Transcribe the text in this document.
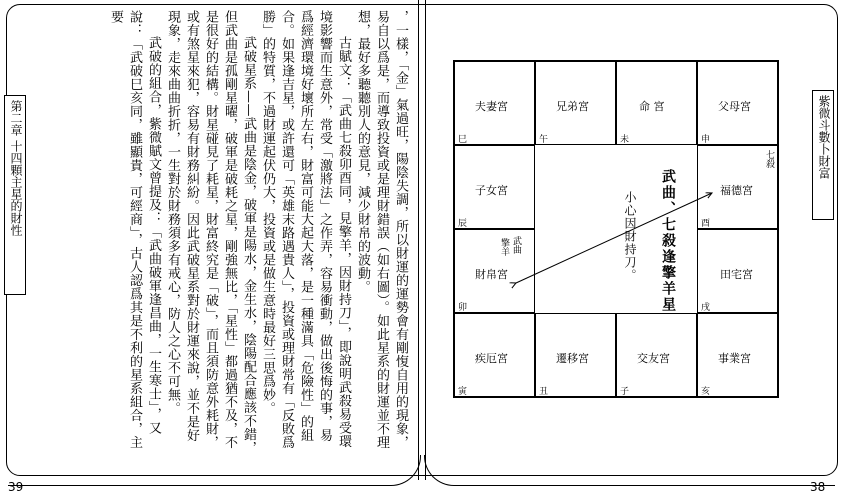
第二章 十四顆主星的財性	，一樣，「金」氣過旺，陽陰失調，所以財運的運勢會有剛愎自用的現象，易自以爲是，而導致投資或是理財錯誤（如右圖）。如此星系的財運並不理想，最好多聽聽別人的意見，減少財帛的波動。

古賦文：「武曲七殺卯酉同，見擎羊，因財持刀」，即說明武殺易受環境影響而生意外，常受「激將法」之作弄，容易衝動，做出後悔的事，易爲經濟環境好壞所左右，財富可能大起大落，是一種滿具「危險性」的組合。如果逢吉星，或許還可「英雄末路遇貴人」，投資或理財常有「反敗爲勝」的特質，不過財運起伏仍大，投資或是做生意時最好三思爲妙。

武破星系——武曲是陰金，破軍是陽水，金生水，陰陽配合應該不錯，但武曲是孤剛星曜，破軍是破耗之星，剛強無比，「星性」都過猶不及，不是很好的結構。財星碰見了耗星，財富終究是「破」，而且須防意外耗財，或有煞星來犯，容易有財務糾紛。因此武破星系對於財運來說，並不是好現象，走來曲曲折折，一生對於財務須多有戒心，防人之心不可無。

武破的組合，紫微賦文曾提及：「武曲破軍逢昌曲，一生寒士」，又說：「武破巳亥同，雖顯貴，可經商」，古人認爲其是不利的星系組合，主要

39
紫微斗數卜財富
38
夫妻宮
巳
兄弟宮
午
命 宮
未
父母宮
申
子女宮
辰
財帛宮
武曲
擎羊
卯
福德宮
七殺
酉
田宅宮
戌
疾厄宮
寅
遷移宮
丑
交友宮
子
事業宮
亥
武曲、七殺逢擎羊星
小心因財持刀。
